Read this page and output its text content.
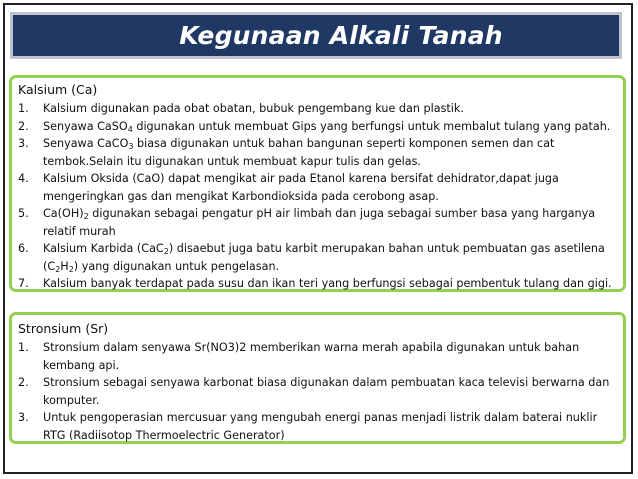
Kegunaan Alkali Tanah
Kalsium (Ca)
1. Kalsium digunakan pada obat obatan, bubuk pengembang kue dan plastik.
2. Senyawa CaSO$_4$ digunakan untuk membuat Gips yang berfungsi untuk membalut tulang yang patah.
3. Senyawa CaCO$_3$ biasa digunakan untuk bahan bangunan seperti komponen semen dan cat tembok.Selain itu digunakan untuk membuat kapur tulis dan gelas.
4. Kalsium Oksida (CaO) dapat mengikat air pada Etanol karena bersifat dehidrator,dapat juga mengeringkan gas dan mengikat Karbondioksida pada cerobong asap.
5. $Ca(OH)_2$ digunakan sebagai pengatur pH air limbah dan juga sebagai sumber basa yang harganya relatif murah
6. Kalsium Karbida (CaC$_2$) disaebut juga batu karbit merupakan bahan untuk pembuatan gas asetilena $(C_2H_2)$ yang digunakan untuk pengelasan.
7. Kalsium banyak terdapat pada susu dan ikan teri yang berfungsi sebagai pembentuk tulang dan gigi.
Stronsium (Sr)
1. Stronsium dalam senyawa Sr(NO3)2 memberikan warna merah apabila digunakan untuk bahan kembang api.
2. Stronsium sebagai senyawa karbonat biasa digunakan dalam pembuatan kaca televisi berwarna dan komputer.
3. Untuk pengoperasian mercusuar yang mengubah energi panas menjadi listrik dalam baterai nuklir RTG (Radiisotop Thermoelectric Generator)
